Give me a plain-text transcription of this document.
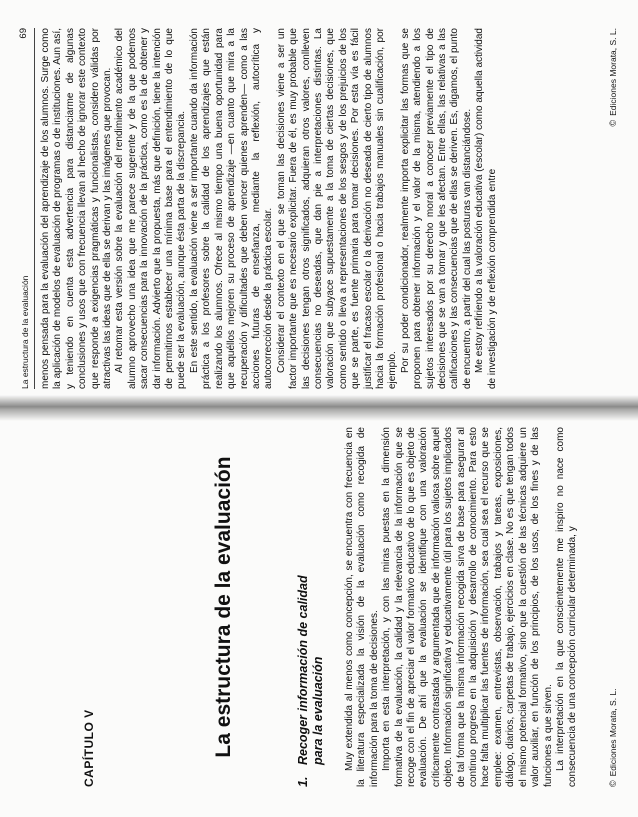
CAPÍTULO V	La estructura de la evaluación
1.Recoger información de calidad
para la evaluación Muy extendida al menos como concepción, se encuentra con frecuencia en la literatura especializada la visión de la evaluación como recogida de información para la toma de decisiones. Importa en esta interpretación, y con las miras puestas en la dimensión formativa de la evaluación, la calidad y la relevancia de la información que se recoge con el fin de apreciar el valor formativo educativo de lo que es objeto de evaluación. De ahí que la evaluación se identifique con una valoración críticamente contrastada y argumentada que de información valiosa sobre aquel objeto. Información significativa y educativamente útil para los sujetos implicados de tal forma que la misma información recogida sirva de base para asegurar al continuo progreso en la adquisición y desarrollo de conocimiento. Para esto hace falta multiplicar las fuentes de información, sea cual sea el recurso que se emplee: examen, entrevistas, observación, trabajos y tareas, exposiciones, diálogo, diarios, carpetas de trabajo, ejercicios en clase. No es que tengan todos el mismo potencial formativo, sino que la cuestión de las técnicas adquiere un valor auxiliar, en función de los principios, de los usos, de los fines y de las funciones a que sirven. La interpretación en la que conscientemente me inspiro no nace como consecuencia de una concepción curricular determinada, y	©Ediciones Morata, S. L.
La estructura de la evaluación
69 menos pensada para la evaluación del aprendizaje de los alumnos. Surge como la aplicación de modelos de evaluación de programas o de instituciones. Aun así, y teniendo en cuenta esta advertencia para distanciarme de algunas conclusiones y usos que con frecuencia llevan al hecho de ignorar este contexto que responde a exigencias pragmáticas y funcionalistas, considero válidas por atractivas las ideas que de ella se derivan y las imágenes que provocan. Al retomar esta versión sobre la evaluación del rendimiento académico del alumno aprovecho una idea que me parece sugerente y de la que podemos sacar consecuencias para la innovación de la práctica, como es la de obtener y dar información. Advierto que la propuesta, más que definición, tiene la intención de permitirnos establecer una mínima base para el entendimiento de lo que puede ser la evaluación, aunque ésta parta de la discrepancia. En este sentido, la evaluación viene a ser importante cuando da información práctica a los profesores sobre la calidad de los aprendizajes que están realizando los alumnos. Ofrece al mismo tiempo una buena oportunidad para que aquéllos mejoren su proceso de aprendizaje —en cuanto que mira a la recuperación y dificultades que deben vencer quienes aprenden— como a las acciones futuras de enseñanza, mediante la reflexión, autocrítica y autocorrección desde la práctica escolar. Considerar el contexto en el que se toman las decisiones viene a ser un factor importante que es necesario explicitar. Fuera de él, es muy probable que las decisiones tengan otros significados, adquieran otros valores, conlleven consecuencias no deseadas, que dan pie a interpretaciones distintas. La valoración que subyace supuestamente a la toma de ciertas decisiones, que como sentido o lleva a representaciones de los sesgos y de los prejuicios de los que se parte, es fuente primaria para tomar decisiones. Por esta vía es fácil justificar el fracaso escolar o la derivación no deseada de cierto tipo de alumnos hacia la formación profesional o hacia trabajos manuales sin cualificación, por ejemplo. Por su poder condicionador, realmente importa explicitar las formas que se proponen para obtener información y el valor de la misma, atendiendo a los sujetos interesados por su derecho moral a conocer previamente el tipo de decisiones que se van a tomar y que les afectan. Entre ellas, las relativas a las calificaciones y las consecuencias que de ellas se deriven. Es, digamos, el punto de encuentro, a partir del cual las posturas van distanciándose. Me estoy refiriendo a la valoración educativa (escolar) como aquella actividad de investigación y de reflexión comprendida entre

©Ediciones Morata, S. L.
